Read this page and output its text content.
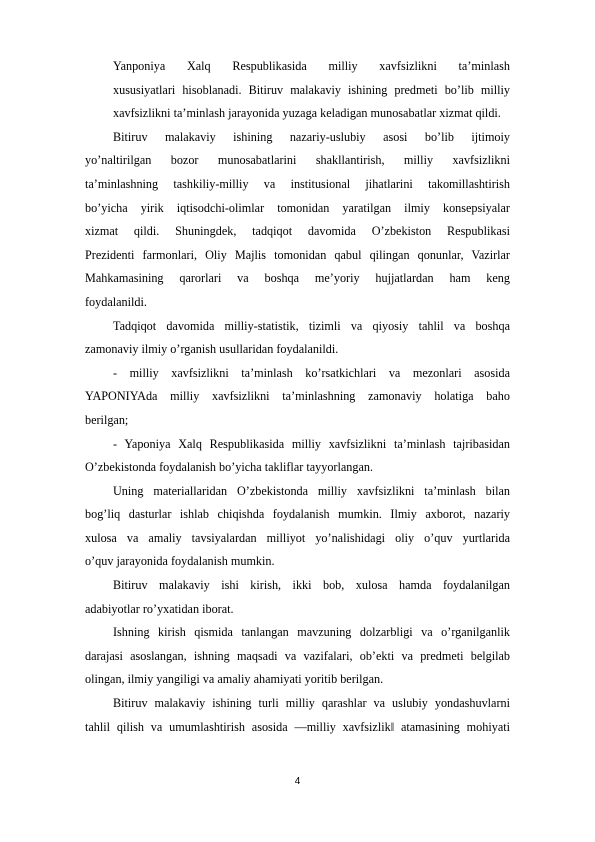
Yanponiya Xalq Respublikasida milliy xavfsizlikni ta’minlash
xususiyatlari hisoblanadi. Bitiruv malakaviy ishining predmeti bo’lib milliy
xavfsizlikni ta’minlash jarayonida yuzaga keladigan munosabatlar xizmat qildi.

Bitiruv malakaviy ishining nazariy-uslubiy asosi bo’lib ijtimoiy
yo’naltirilgan bozor munosabatlarini shakllantirish, milliy xavfsizlikni
ta’minlashning tashkiliy-milliy va institusional jihatlarini takomillashtirish
bo’yicha yirik iqtisodchi-olimlar tomonidan yaratilgan ilmiy konsepsiyalar
xizmat qildi. Shuningdek, tadqiqot davomida O’zbekiston Respublikasi
Prezidenti farmonlari, Oliy Majlis tomonidan qabul qilingan qonunlar, Vazirlar
Mahkamasining qarorlari va boshqa me’yoriy hujjatlardan ham keng
foydalanildi.

Tadqiqot davomida milliy-statistik, tizimli va qiyosiy tahlil va boshqa
zamonaviy ilmiy o’rganish usullaridan foydalanildi.

- milliy xavfsizlikni ta’minlash ko’rsatkichlari va mezonlari asosida
YAPONIYAda milliy xavfsizlikni ta’minlashning zamonaviy holatiga baho
berilgan;

- Yaponiya Xalq Respublikasida milliy xavfsizlikni ta’minlash tajribasidan
O’zbekistonda foydalanish bo’yicha takliflar tayyorlangan.

Uning materiallaridan O’zbekistonda milliy xavfsizlikni ta’minlash bilan
bog’liq dasturlar ishlab chiqishda foydalanish mumkin. Ilmiy axborot, nazariy
xulosa va amaliy tavsiyalardan milliyot yo’nalishidagi oliy o’quv yurtlarida
o’quv jarayonida foydalanish mumkin.

Bitiruv malakaviy ishi kirish, ikki bob, xulosa hamda foydalanilgan
adabiyotlar ro’yxatidan iborat.

Ishning kirish qismida tanlangan mavzuning dolzarbligi va o’rganilganlik
darajasi asoslangan, ishning maqsadi va vazifalari, ob’ekti va predmeti belgilab
olingan, ilmiy yangiligi va amaliy ahamiyati yoritib berilgan.

Bitiruv malakaviy ishining turli milliy qarashlar va uslubiy yondashuvlarni
tahlil qilish va umumlashtirish asosida ―milliy xavfsizlik‖ atamasining mohiyati

4
